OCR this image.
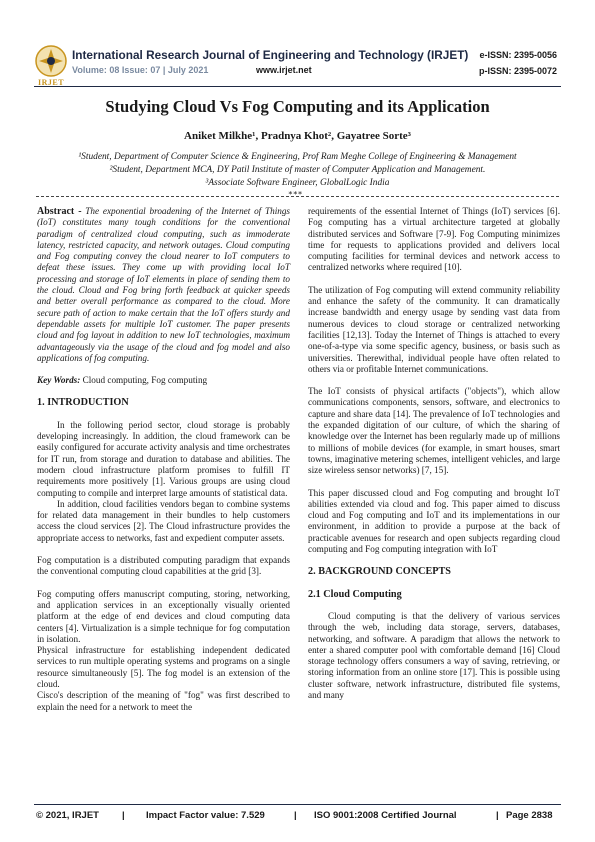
IRJET
International Research Journal of Engineering and Technology (IRJET)
Volume: 08 Issue: 07 | July 2021	www.irjet.net
e-ISSN: 2395-0056
p-ISSN: 2395-0072
Studying Cloud Vs Fog Computing and its Application
Aniket Milkhe¹, Pradnya Khot², Gayatree Sorte³
¹Student, Department of Computer Science & Engineering, Prof Ram Meghe College of Engineering & Management
²Student, Department MCA, DY Patil Institute of master of Computer Application and Management.
³Associate Software Engineer, GlobalLogic India
***

Abstract - The exponential broadening of the Internet of Things (IoT) constitutes many tough conditions for the conventional paradigm of centralized cloud computing, such as immoderate latency, restricted capacity, and network outages. Cloud computing and Fog computing convey the cloud nearer to IoT computers to defeat these issues. They come up with providing local IoT processing and storage of IoT elements in place of sending them to the cloud. Cloud and Fog bring forth feedback at quicker speeds and better overall performance as compared to the cloud. More secure path of action to make certain that the IoT offers sturdy and dependable assets for multiple IoT customer. The paper presents cloud and fog layout in addition to new IoT technologies, maximum advantageously via the usage of the cloud and fog model and also applications of fog computing.

Key Words: Cloud computing, Fog computing

1. INTRODUCTION

In the following period sector, cloud storage is probably developing increasingly. In addition, the cloud framework can be easily configured for accurate activity analysis and time orchestrates for IT run, from storage and duration to database and abilities. The modern cloud infrastructure platform promises to fulfill IT requirements more positively [1]. Various groups are using cloud computing to compile and interpret large amounts of statistical data.

In addition, cloud facilities vendors began to combine systems for related data management in their bundles to help customers access the cloud services [2]. The Cloud infrastructure provides the appropriate access to networks, fast and expedient computer assets.

Fog computation is a distributed computing paradigm that expands the conventional computing cloud capabilities at the grid [3].

Fog computing offers manuscript computing, storing, networking, and application services in an exceptionally visually oriented platform at the edge of end devices and cloud computing data centers [4]. Virtualization is a simple technique for fog computation in isolation.

Physical infrastructure for establishing independent dedicated services to run multiple operating systems and programs on a single resource simultaneously [5]. The fog model is an extension of the cloud.

Cisco's description of the meaning of "fog" was first described to explain the need for a network to meet the

requirements of the essential Internet of Things (IoT) services [6]. Fog computing has a virtual architecture targeted at globally distributed services and Software [7-9]. Fog Computing minimizes time for requests to applications provided and delivers local computing facilities for terminal devices and network access to centralized networks where required [10].

The utilization of Fog computing will extend community reliability and enhance the safety of the community. It can dramatically increase bandwidth and energy usage by sending vast data from numerous devices to cloud storage or centralized networking facilities [12,13]. Today the Internet of Things is attached to every one-of-a-type via some specific agency, business, or basis such as universities. Therewithal, individual people have often related to others via or profitable Internet communications.

The IoT consists of physical artifacts ("objects"), which allow communications components, sensors, software, and electronics to capture and share data [14]. The prevalence of IoT technologies and the expanded digitation of our culture, of which the sharing of knowledge over the Internet has been regularly made up of millions to millions of mobile devices (for example, in smart houses, smart towns, imaginative metering schemes, intelligent vehicles, and large size wireless sensor networks) [7, 15].

This paper discussed cloud and Fog computing and brought IoT abilities extended via cloud and fog. This paper aimed to discuss cloud and Fog computing and IoT and its implementations in our environment, in addition to provide a purpose at the back of practicable avenues for research and open subjects regarding cloud computing and Fog computing integration with IoT

2. BACKGROUND CONCEPTS
2.1 Cloud Computing

Cloud computing is that the delivery of various services through the web, including data storage, servers, databases, networking, and software. A paradigm that allows the network to enter a shared computer pool with comfortable demand [16] Cloud storage technology offers consumers a way of saving, retrieving, or storing information from an online store [17]. This is possible using cluster software, network infrastructure, distributed file systems, and many

© 2021, IRJET | Impact Factor value: 7.529	| ISO 9001:2008 Certified Journal	| Page 2838
